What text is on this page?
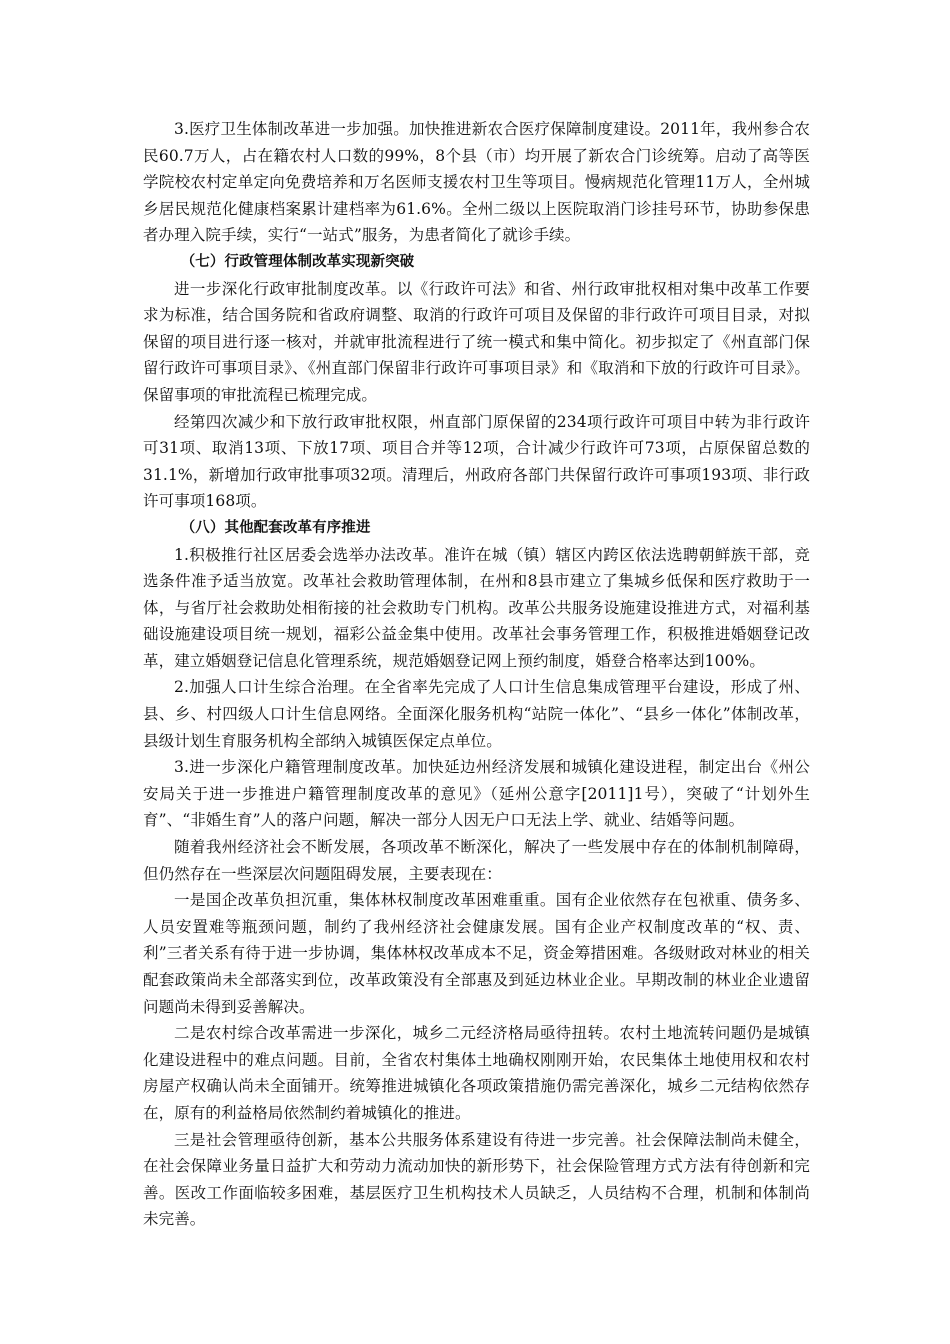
3.医疗卫生体制改革进一步加强。加快推进新农合医疗保障制度建设。2011年，我州参合农民60.7万人，占在籍农村人口数的99%，8个县（市）均开展了新农合门诊统筹。启动了高等医学院校农村定单定向免费培养和万名医师支援农村卫生等项目。慢病规范化管理11万人，全州城乡居民规范化健康档案累计建档率为61.6%。全州二级以上医院取消门诊挂号环节，协助参保患者办理入院手续，实行“一站式”服务，为患者简化了就诊手续。

（七）行政管理体制改革实现新突破

进一步深化行政审批制度改革。以《行政许可法》和省、州行政审批权相对集中改革工作要求为标准，结合国务院和省政府调整、取消的行政许可项目及保留的非行政许可项目目录，对拟保留的项目进行逐一核对，并就审批流程进行了统一模式和集中简化。初步拟定了《州直部门保留行政许可事项目录》、《州直部门保留非行政许可事项目录》和《取消和下放的行政许可目录》。保留事项的审批流程已梳理完成。

经第四次减少和下放行政审批权限，州直部门原保留的234项行政许可项目中转为非行政许可31项、取消13项、下放17项、项目合并等12项，合计减少行政许可73项，占原保留总数的31.1%，新增加行政审批事项32项。清理后，州政府各部门共保留行政许可事项193项、非行政许可事项168项。

（八）其他配套改革有序推进

1.积极推行社区居委会选举办法改革。准许在城（镇）辖区内跨区依法选聘朝鲜族干部，竞选条件准予适当放宽。改革社会救助管理体制，在州和8县市建立了集城乡低保和医疗救助于一体，与省厅社会救助处相衔接的社会救助专门机构。改革公共服务设施建设推进方式，对福利基础设施建设项目统一规划，福彩公益金集中使用。改革社会事务管理工作，积极推进婚姻登记改革，建立婚姻登记信息化管理系统，规范婚姻登记网上预约制度，婚登合格率达到100%。

2.加强人口计生综合治理。在全省率先完成了人口计生信息集成管理平台建设，形成了州、县、乡、村四级人口计生信息网络。全面深化服务机构“站院一体化”、“县乡一体化”体制改革，县级计划生育服务机构全部纳入城镇医保定点单位。

3.进一步深化户籍管理制度改革。加快延边州经济发展和城镇化建设进程，制定出台《州公安局关于进一步推进户籍管理制度改革的意见》（延州公意字[2011]1号），突破了“计划外生育”、“非婚生育”人的落户问题，解决一部分人因无户口无法上学、就业、结婚等问题。

随着我州经济社会不断发展，各项改革不断深化，解决了一些发展中存在的体制机制障碍，但仍然存在一些深层次问题阻碍发展，主要表现在：

一是国企改革负担沉重，集体林权制度改革困难重重。国有企业依然存在包袱重、债务多、人员安置难等瓶颈问题，制约了我州经济社会健康发展。国有企业产权制度改革的“权、责、利”三者关系有待于进一步协调，集体林权改革成本不足，资金筹措困难。各级财政对林业的相关配套政策尚未全部落实到位，改革政策没有全部惠及到延边林业企业。早期改制的林业企业遗留问题尚未得到妥善解决。

二是农村综合改革需进一步深化，城乡二元经济格局亟待扭转。农村土地流转问题仍是城镇化建设进程中的难点问题。目前，全省农村集体土地确权刚刚开始，农民集体土地使用权和农村房屋产权确认尚未全面铺开。统筹推进城镇化各项政策措施仍需完善深化，城乡二元结构依然存在，原有的利益格局依然制约着城镇化的推进。

三是社会管理亟待创新，基本公共服务体系建设有待进一步完善。社会保障法制尚未健全，在社会保障业务量日益扩大和劳动力流动加快的新形势下，社会保险管理方式方法有待创新和完善。医改工作面临较多困难，基层医疗卫生机构技术人员缺乏，人员结构不合理，机制和体制尚未完善。
